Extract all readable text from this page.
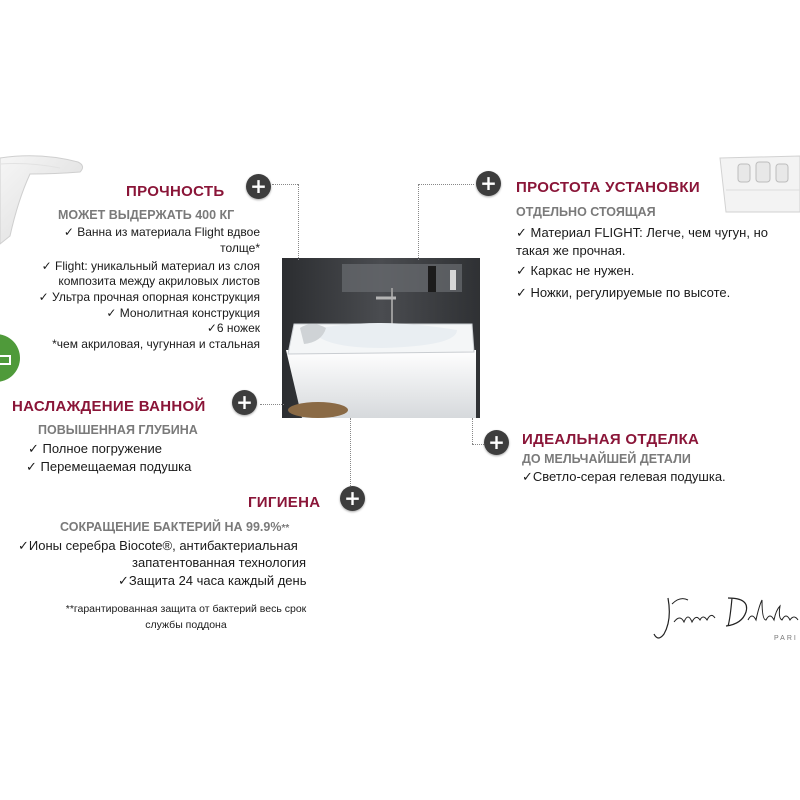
+	+
+
+
+
ПРОЧНОСТЬ
МОЖЕТ ВЫДЕРЖАТЬ 400 КГ
✓ Ванна из материала Flight вдвое
толще*
✓ Flight: уникальный материал из слоя
композита между акриловых листов
✓ Ультра прочная опорная конструкция
✓ Монолитная конструкция
✓6 ножек
*чем акриловая, чугунная и стальная
ПРОСТОТА УСТАНОВКИ
ОТДЕЛЬНО СТОЯЩАЯ
✓ Материал FLIGHT: Легче, чем чугун, но
такая же прочная.
✓ Каркас не нужен.
✓ Ножки, регулируемые по высоте.
НАСЛАЖДЕНИЕ ВАННОЙ
ПОВЫШЕННАЯ ГЛУБИНА
✓ Полное погружение
✓ Перемещаемая подушка
ИДЕАЛЬНАЯ ОТДЕЛКА
ДО МЕЛЬЧАЙШЕЙ ДЕТАЛИ
✓Светло-серая гелевая подушка.
ГИГИЕНА
СОКРАЩЕНИЕ БАКТЕРИЙ НА 99.9%**
✓Ионы серебра Biocote®, антибактериальная
запатентованная технология
✓Защита 24 часа каждый день
**гарантированная защита от бактерий весь срок
службы поддона
PARI
